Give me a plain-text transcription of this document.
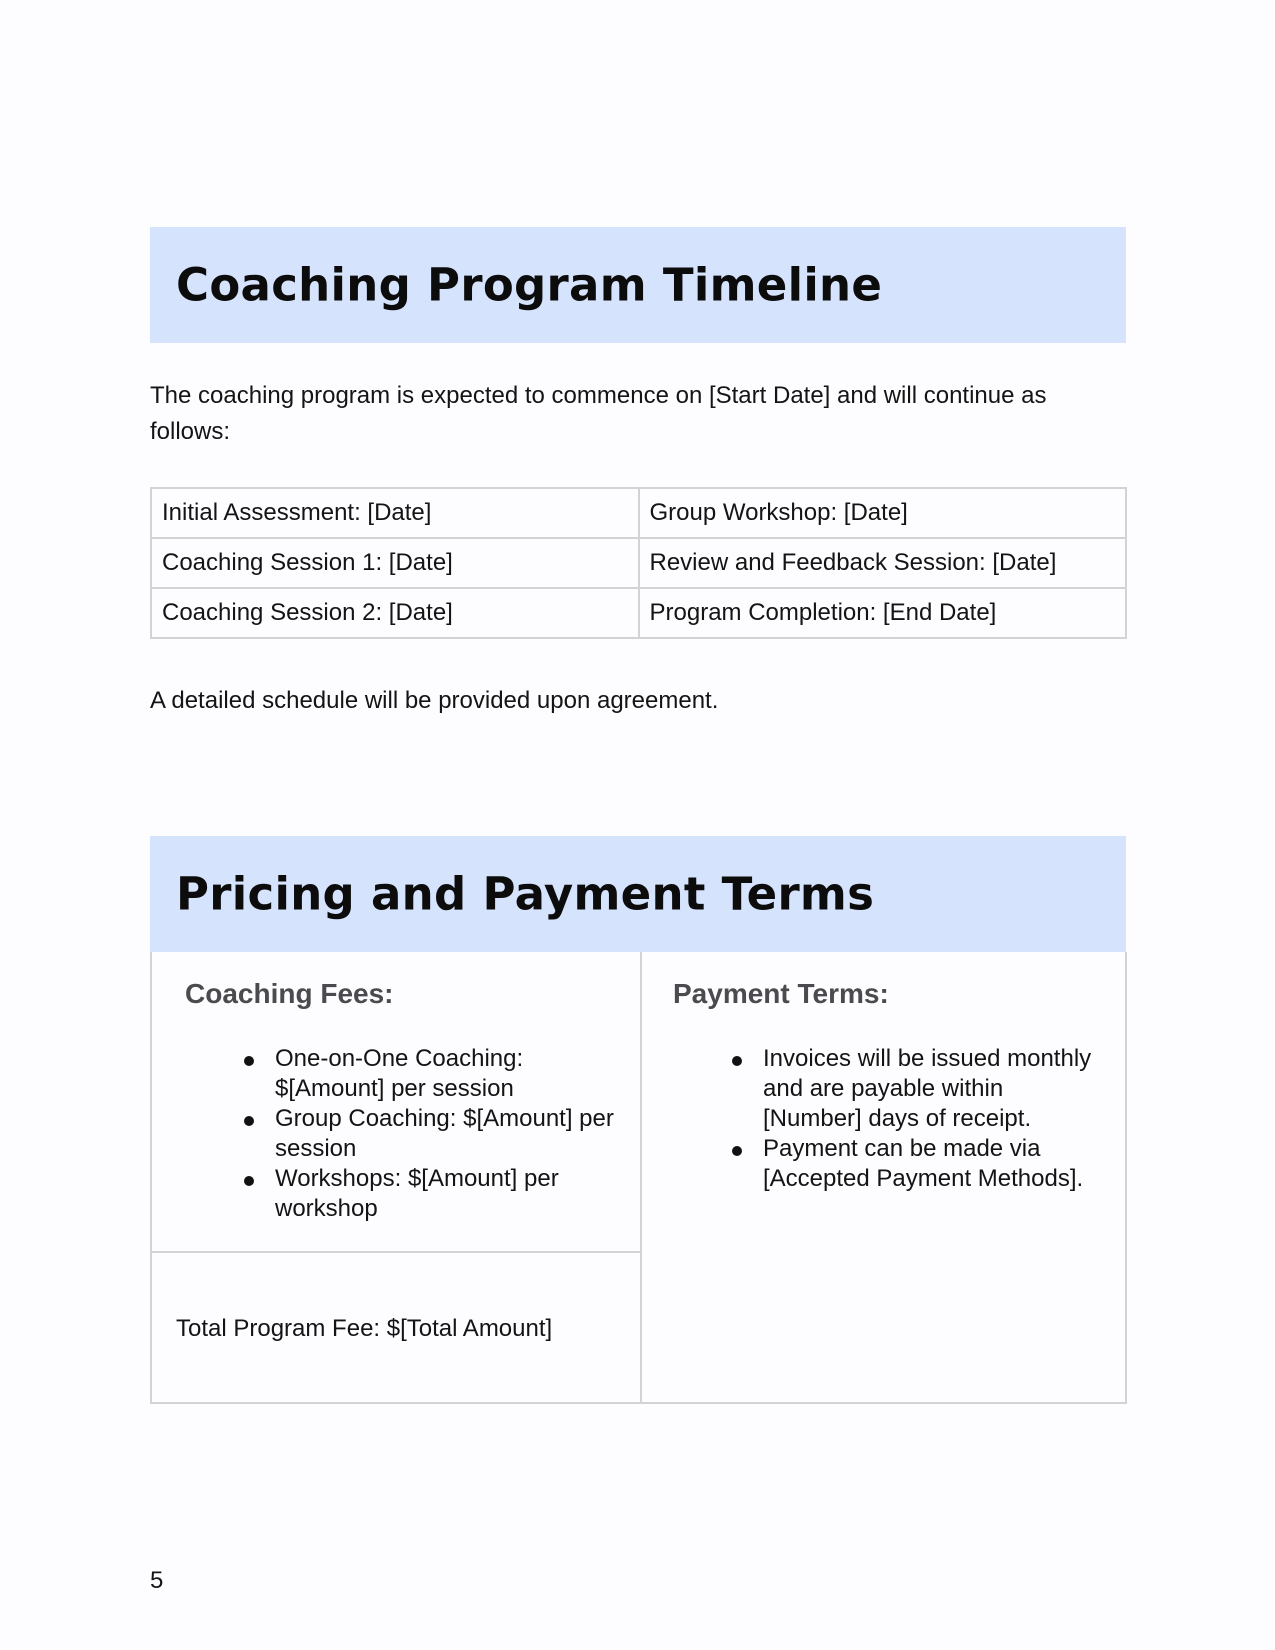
Coaching Program Timeline

The coaching program is expected to commence on [Start Date] and will continue as follows:

Initial Assessment: [Date]	Group Workshop: [Date]
Coaching Session 1: [Date]	Review and Feedback Session: [Date]
Coaching Session 2: [Date]	Program Completion: [End Date]

A detailed schedule will be provided upon agreement.

Pricing and Payment Terms
Coaching Fees:
One-on-One Coaching: $[Amount] per session
Group Coaching: $[Amount] per session
Workshops: $[Amount] per workshop

Total Program Fee: $[Total Amount]

Payment Terms:
Invoices will be issued monthly and are payable within [Number] days of receipt.
Payment can be made via [Accepted Payment Methods].

5
